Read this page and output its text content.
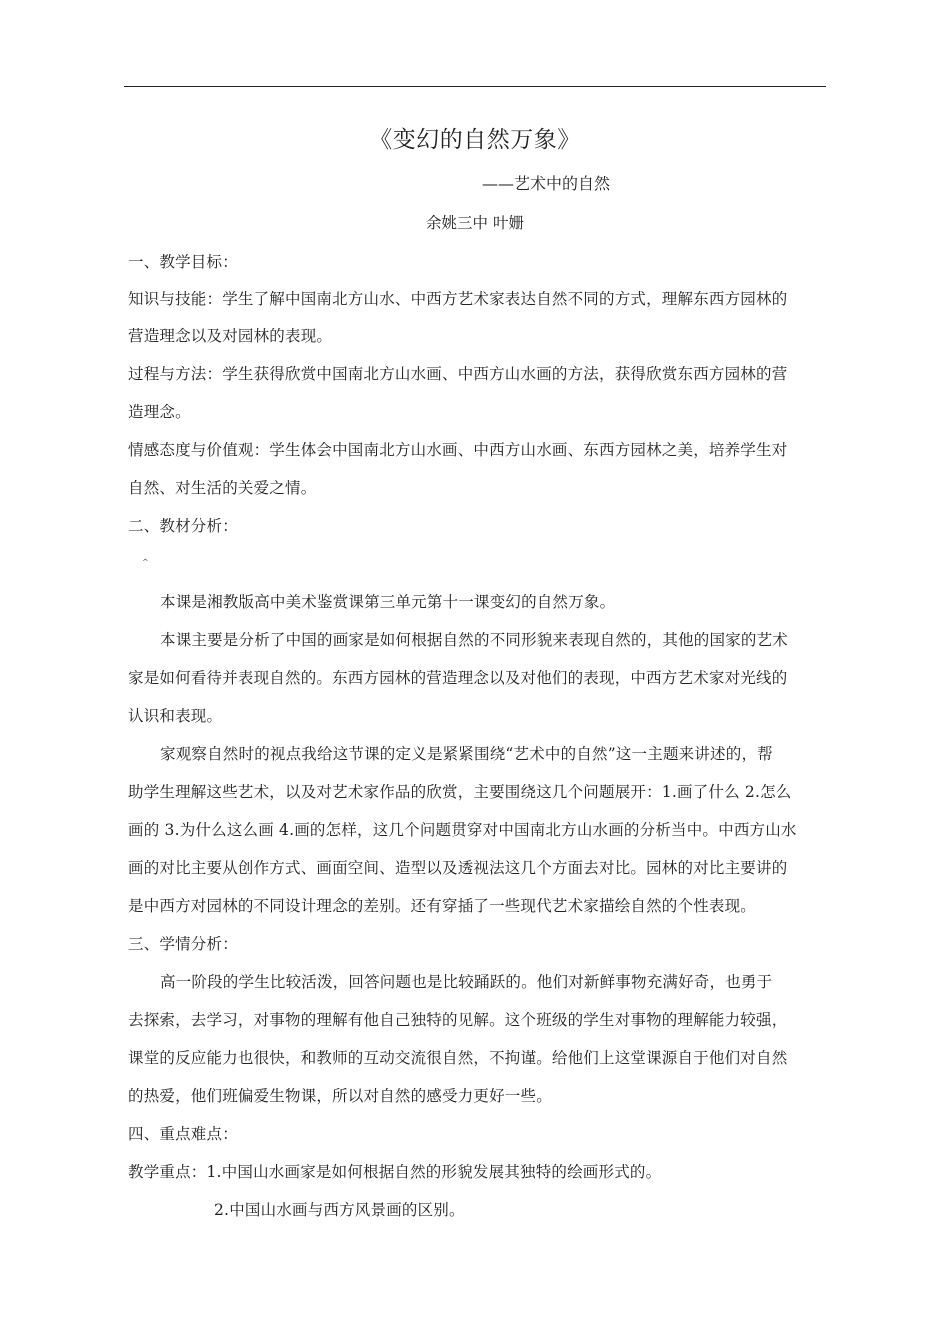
《变幻的自然万象》
——艺术中的自然
余姚三中 叶姗
一、教学目标：
知识与技能：学生了解中国南北方山水、中西方艺术家表达自然不同的方式，理解东西方园林的
营造理念以及对园林的表现。
过程与方法：学生获得欣赏中国南北方山水画、中西方山水画的方法，获得欣赏东西方园林的营
造理念。
情感态度与价值观：学生体会中国南北方山水画、中西方山水画、东西方园林之美，培养学生对
自然、对生活的关爱之情。
二、教材分析：
^
本课是湘教版高中美术鉴赏课第三单元第十一课变幻的自然万象。
本课主要是分析了中国的画家是如何根据自然的不同形貌来表现自然的，其他的国家的艺术
家是如何看待并表现自然的。东西方园林的营造理念以及对他们的表现，中西方艺术家对光线的
认识和表现。
家观察自然时的视点我给这节课的定义是紧紧围绕“艺术中的自然”这一主题来讲述的，帮
助学生理解这些艺术，以及对艺术家作品的欣赏，主要围绕这几个问题展开：1.画了什么 2.怎么
画的 3.为什么这么画 4.画的怎样，这几个问题贯穿对中国南北方山水画的分析当中。中西方山水
画的对比主要从创作方式、画面空间、造型以及透视法这几个方面去对比。园林的对比主要讲的
是中西方对园林的不同设计理念的差别。还有穿插了一些现代艺术家描绘自然的个性表现。
三、学情分析：
高一阶段的学生比较活泼，回答问题也是比较踊跃的。他们对新鲜事物充满好奇，也勇于
去探索，去学习，对事物的理解有他自己独特的见解。这个班级的学生对事物的理解能力较强，
课堂的反应能力也很快，和教师的互动交流很自然，不拘谨。给他们上这堂课源自于他们对自然
的热爱，他们班偏爱生物课，所以对自然的感受力更好一些。
四、重点难点：
教学重点：1.中国山水画家是如何根据自然的形貌发展其独特的绘画形式的。
2.中国山水画与西方风景画的区别。
